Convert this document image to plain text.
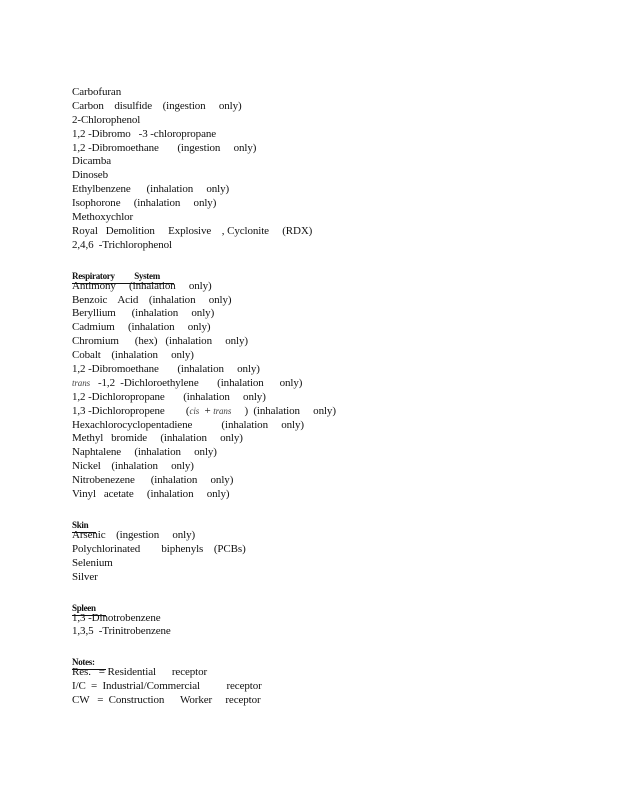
Carbofuran
Carbon    disulfide    (ingestion     only)
2-Chlorophenol
1,2 -Dibromo   -3 -chloropropane
1,2 -Dibromoethane       (ingestion     only)
Dicamba
Dinoseb
Ethylbenzene      (inhalation     only)
Isophorone     (inhalation     only)
Methoxychlor
Royal   Demolition     Explosive    , Cyclonite     (RDX)
2,4,6  -Trichlorophenol
Respiratory          System
Antimony     (inhalation     only)
Benzoic    Acid    (inhalation     only)
Beryllium      (inhalation     only)
Cadmium     (inhalation     only)
Chromium      (hex)   (inhalation     only)
Cobalt    (inhalation     only)
1,2 -Dibromoethane       (inhalation     only)
trans   -1,2  -Dichloroethylene       (inhalation      only)
1,2 -Dichloropropane       (inhalation     only)
1,3 -Dichloropropene        (cis  + trans     )  (inhalation     only)
Hexachlorocyclopentadiene           (inhalation     only)
Methyl   bromide     (inhalation     only)
Naphtalene     (inhalation     only)
Nickel    (inhalation     only)
Nitrobenezene      (inhalation     only)
Vinyl   acetate     (inhalation     only)
Skin
Arsenic    (ingestion     only)
Polychlorinated        biphenyls    (PCBs)
Selenium
Silver
Spleen
1,3 -Dinotrobenzene
1,3,5  -Trinitrobenzene
Notes:
Res.   = Residential      receptor
I/C  =  Industrial/Commercial          receptor
CW   =  Construction      Worker     receptor
